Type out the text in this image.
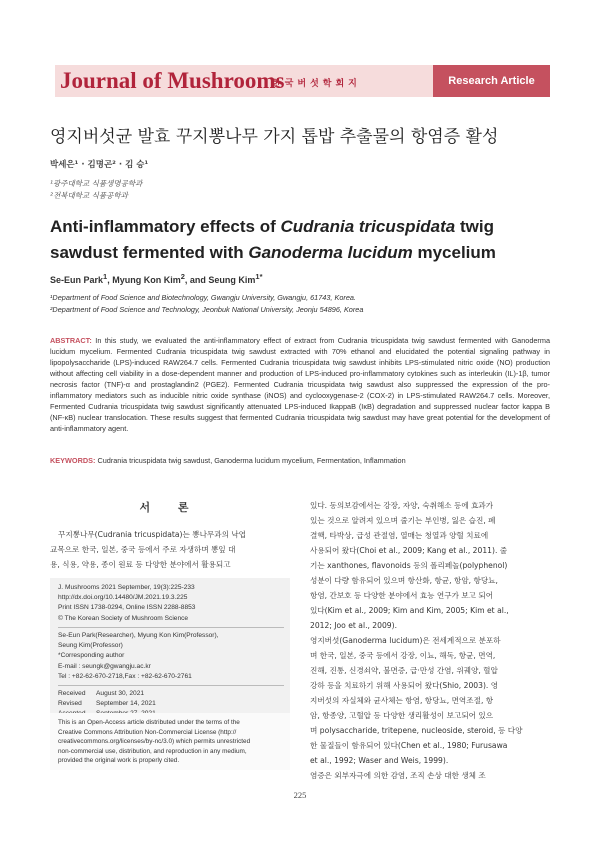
Journal of Mushrooms
한국버섯학회지	Research Article
영지버섯균 발효 꾸지뽕나무 가지 톱밥 추출물의 항염증 활성
박세은¹ · 김명곤² · 김 승¹
¹광주대학교 식품생명공학과
²전북대학교 식품공학과
Anti-inflammatory effects of Cudrania tricuspidata twig sawdust fermented with Ganoderma lucidum mycelium
Se-Eun Park$^1$, Myung Kon Kim$^2$, and Seung Kim$^{1*}$
¹Department of Food Science and Biotechnology, Gwangju University, Gwangju, 61743, Korea.
²Department of Food Science and Technology, Jeonbuk National University, Jeonju 54896, Korea
ABSTRACT: In this study, we evaluated the anti-inflammatory effect of extract from Cudrania tricuspidata twig sawdust fermented with Ganoderma lucidum mycelium. Fermented Cudrania tricuspidata twig sawdust extracted with 70% ethanol and elucidated the potential signaling pathway in lipopolysaccharide (LPS)-induced RAW264.7 cells. Fermented Cudrania tricuspidata twig sawdust inhibits LPS-stimulated nitric oxide (NO) production without affecting cell viability in a dose-dependent manner and production of LPS-induced pro-inflammatory cytokines such as interleukin (IL)-1β, tumor necrosis factor (TNF)-α and prostaglandin2 (PGE2). Fermented Cudrania tricuspidata twig sawdust also suppressed the expression of the pro-inflammatory mediators such as inducible nitric oxide synthase (iNOS) and cyclooxygenase-2 (COX-2) in LPS-stimulated RAW264.7 cells. Moreover, Fermented Cudrania tricuspidata twig sawdust significantly attenuated LPS-induced IkappaB (IκB) degradation and suppressed nuclear factor kappa B (NF-κB) nuclear translocation. These results suggest that fermented Cudrania tricuspidata twig sawdust may have great potential for the development of anti-inflammatory agent.
KEYWORDS: Cudrania tricuspidata twig sawdust, Ganoderma lucidum mycelium, Fermentation, Inflammation
서 론
꾸지뽕나무(Cudrania tricuspidata)는 뽕나무과의 낙엽
교목으로 한국, 일본, 중국 등에서 주로 자생하며 뽕잎 대
용, 식용, 약용, 종이 원료 등 다양한 분야에서 활용되고
J. Mushrooms 2021 September, 19(3):225-233
http://dx.doi.org/10.14480/JM.2021.19.3.225
Print ISSN 1738-0294, Online ISSN 2288-8853
© The Korean Society of Mushroom Science
Se-Eun Park(Researcher), Myung Kon Kim(Professor),
Seung Kim(Professor)
*Corresponding author
E-mail : seungk@gwangju.ac.kr
Tel : +82-62-670-2718,Fax : +82-62-670-2761
Received August 30, 2021
Revised September 14, 2021
This is an Open-Access article distributed under the terms of the
Creative Commons Attribution Non-Commercial License (http://
creativecommons.org/licenses/by-nc/3.0) which permits unrestricted
non-commercial use, distribution, and reproduction in any medium,
provided the original work is properly cited.
있다. 동의보감에서는 강장, 자양, 숙취해소 등에 효과가
있는 것으로 알려져 있으며 줄기는 부인병, 잃은 습진, 폐
결핵, 타박상, 급성 관절염, 열매는 청열과 양혈 치료에
사용되어 왔다(Choi et al., 2009; Kang et al., 2011). 줄
기는 xanthones, flavonoids 등의 폴리페놀(polyphenol)
성분이 다량 함유되어 있으며 항산화, 항균, 항암, 항당뇨,
항염, 간보호 등 다양한 분야에서 효능 연구가 보고 되어
있다(Kim et al., 2009; Kim and Kim, 2005; Kim et al.,
2012; Joo et al., 2009).
영지버섯(Ganoderma lucidum)은 전세계적으로 분포하
며 한국, 일본, 중국 등에서 강장, 이뇨, 해독, 항균, 면역,
진해, 진통, 신경쇠약, 불면증, 급·만성 간염, 위궤양, 혈압
강하 등을 치료하기 위해 사용되어 왔다(Shio, 2003). 영
지버섯의 자실체와 균사체는 항염, 항당뇨, 면역조절, 항
암, 항종양, 고혈압 등 다양한 생리활성이 보고되어 있으
며 polysaccharide, tritepene, nucleoside, steroid, 등 다양
한 물질들이 함유되어 있다(Chen et al., 1980; Furusawa
et al., 1992; Waser and Weis, 1999).
염증은 외부자극에 의한 감염, 조직 손상 대한 생체 조
225
